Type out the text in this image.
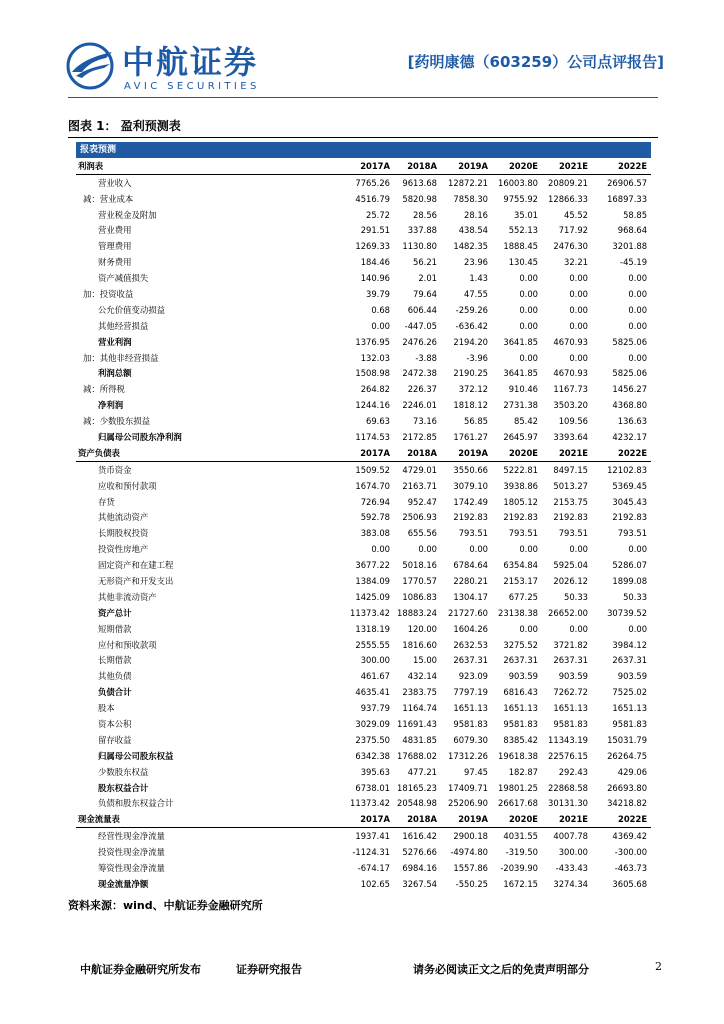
中航证券
AVIC SECURITIES
[药明康德（603259）公司点评报告]
图表 1： 盈利预测表
报表预测						
利润表	2017A	2018A	2019A	2020E	2021E	2022E
营业收入	7765.26	9613.68	12872.21	16003.80	20809.21	26906.57
减：营业成本	4516.79	5820.98	7858.30	9755.92	12866.33	16897.33
营业税金及附加	25.72	28.56	28.16	35.01	45.52	58.85
营业费用	291.51	337.88	438.54	552.13	717.92	968.64
管理费用	1269.33	1130.80	1482.35	1888.45	2476.30	3201.88
财务费用	184.46	56.21	23.96	130.45	32.21	-45.19
资产减值损失	140.96	2.01	1.43	0.00	0.00	0.00
加：投资收益	39.79	79.64	47.55	0.00	0.00	0.00
公允价值变动损益	0.68	606.44	-259.26	0.00	0.00	0.00
其他经营损益	0.00	-447.05	-636.42	0.00	0.00	0.00
营业利润	1376.95	2476.26	2194.20	3641.85	4670.93	5825.06
加：其他非经营损益	132.03	-3.88	-3.96	0.00	0.00	0.00
利润总额	1508.98	2472.38	2190.25	3641.85	4670.93	5825.06
减：所得税	264.82	226.37	372.12	910.46	1167.73	1456.27
净利润	1244.16	2246.01	1818.12	2731.38	3503.20	4368.80
减：少数股东损益	69.63	73.16	56.85	85.42	109.56	136.63
归属母公司股东净利润	1174.53	2172.85	1761.27	2645.97	3393.64	4232.17
资产负债表	2017A	2018A	2019A	2020E	2021E	2022E
货币资金	1509.52	4729.01	3550.66	5222.81	8497.15	12102.83
应收和预付款项	1674.70	2163.71	3079.10	3938.86	5013.27	5369.45
存货	726.94	952.47	1742.49	1805.12	2153.75	3045.43
其他流动资产	592.78	2506.93	2192.83	2192.83	2192.83	2192.83
长期股权投资	383.08	655.56	793.51	793.51	793.51	793.51
投资性房地产	0.00	0.00	0.00	0.00	0.00	0.00
固定资产和在建工程	3677.22	5018.16	6784.64	6354.84	5925.04	5286.07
无形资产和开发支出	1384.09	1770.57	2280.21	2153.17	2026.12	1899.08
其他非流动资产	1425.09	1086.83	1304.17	677.25	50.33	50.33
资产总计	11373.42	18883.24	21727.60	23138.38	26652.00	30739.52
短期借款	1318.19	120.00	1604.26	0.00	0.00	0.00
应付和预收款项	2555.55	1816.60	2632.53	3275.52	3721.82	3984.12
长期借款	300.00	15.00	2637.31	2637.31	2637.31	2637.31
其他负债	461.67	432.14	923.09	903.59	903.59	903.59
负债合计	4635.41	2383.75	7797.19	6816.43	7262.72	7525.02
股本	937.79	1164.74	1651.13	1651.13	1651.13	1651.13
资本公积	3029.09	11691.43	9581.83	9581.83	9581.83	9581.83
留存收益	2375.50	4831.85	6079.30	8385.42	11343.19	15031.79
归属母公司股东权益	6342.38	17688.02	17312.26	19618.38	22576.15	26264.75
少数股东权益	395.63	477.21	97.45	182.87	292.43	429.06
股东权益合计	6738.01	18165.23	17409.71	19801.25	22868.58	26693.80
负债和股东权益合计	11373.42	20548.98	25206.90	26617.68	30131.30	34218.82
现金流量表	2017A	2018A	2019A	2020E	2021E	2022E
经营性现金净流量	1937.41	1616.42	2900.18	4031.55	4007.78	4369.42
投资性现金净流量	-1124.31	5276.66	-4974.80	-319.50	300.00	-300.00
筹资性现金净流量	-674.17	6984.16	1557.86	-2039.90	-433.43	-463.73
现金流量净额	102.65	3267.54	-550.25	1672.15	3274.34	3605.68
资料来源：wind、中航证券金融研究所
中航证券金融研究所发布	证券研究报告	请务必阅读正文之后的免责声明部分	2
